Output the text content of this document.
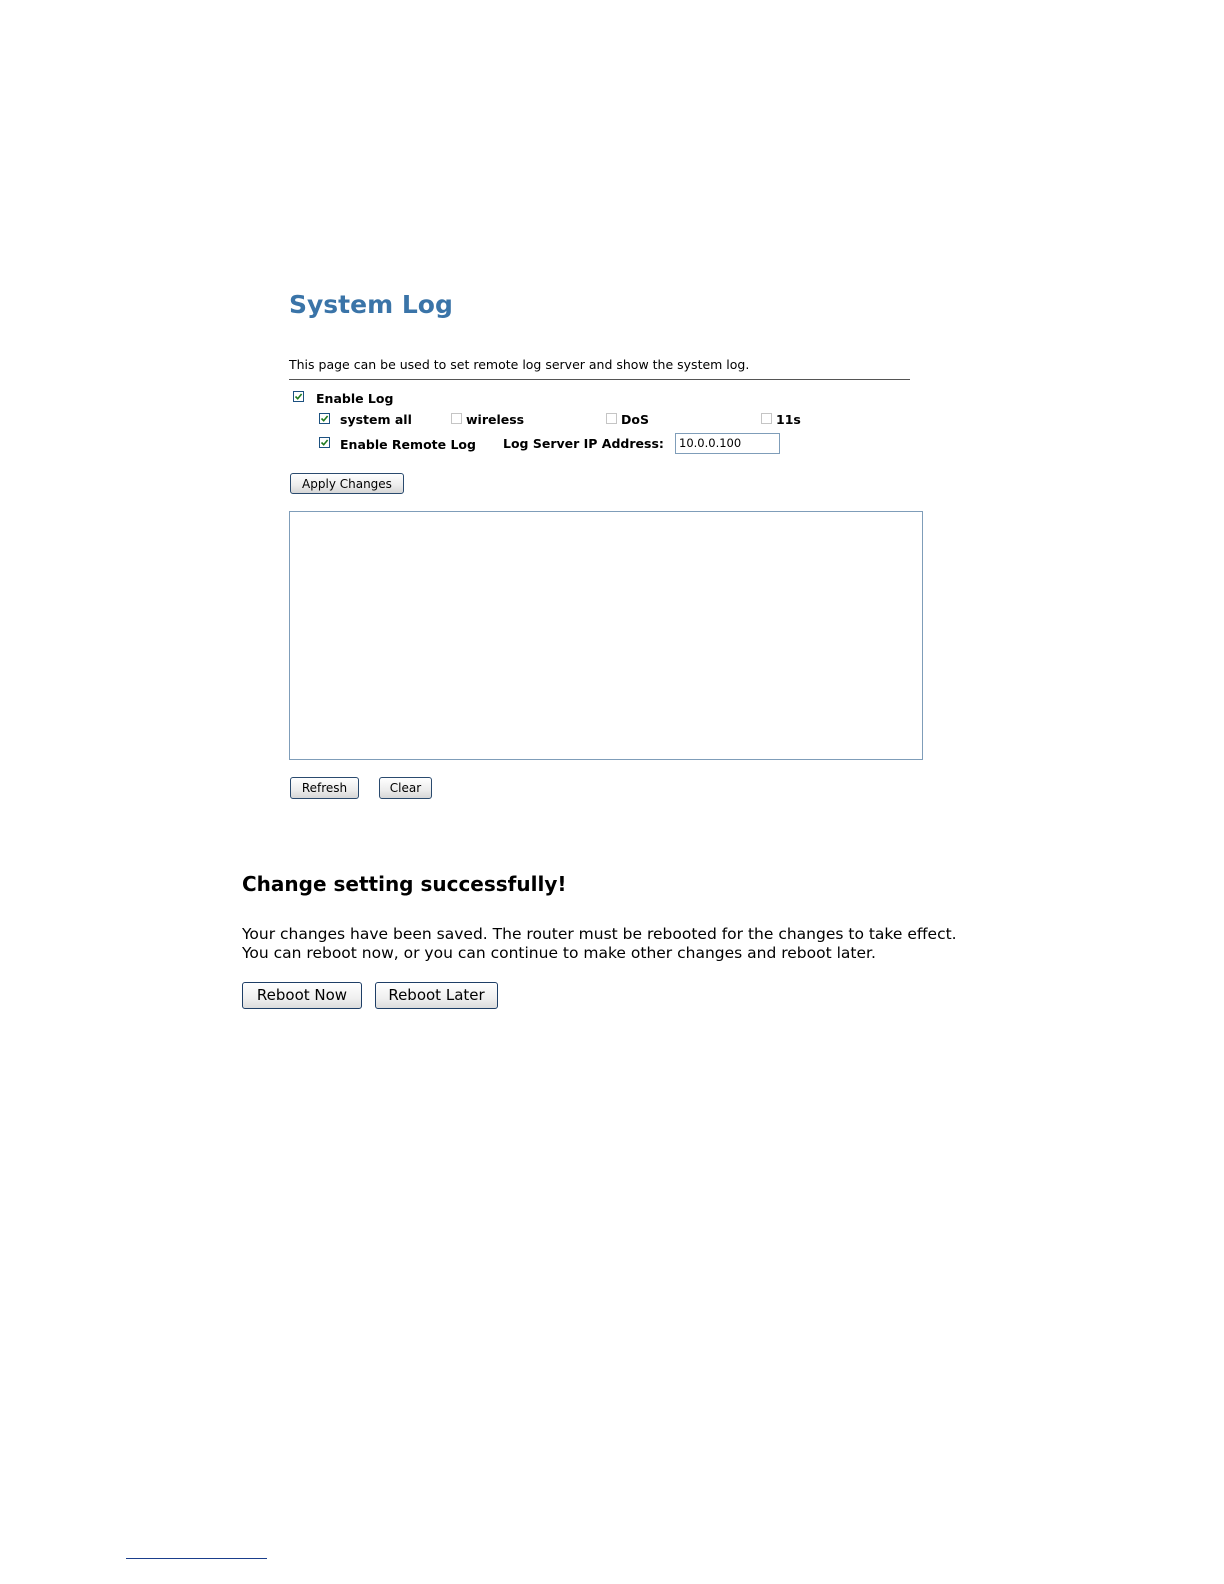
System Log
This page can be used to set remote log server and show the system log.
Enable Log
system all	wireless	DoS	11s
Enable Remote Log Log Server IP Address:	10.0.0.100
Apply Changes
Refresh	Clear
Change setting successfully!
Your changes have been saved. The router must be rebooted for the changes to take effect.
You can reboot now, or you can continue to make other changes and reboot later.
Reboot Now	Reboot Later
